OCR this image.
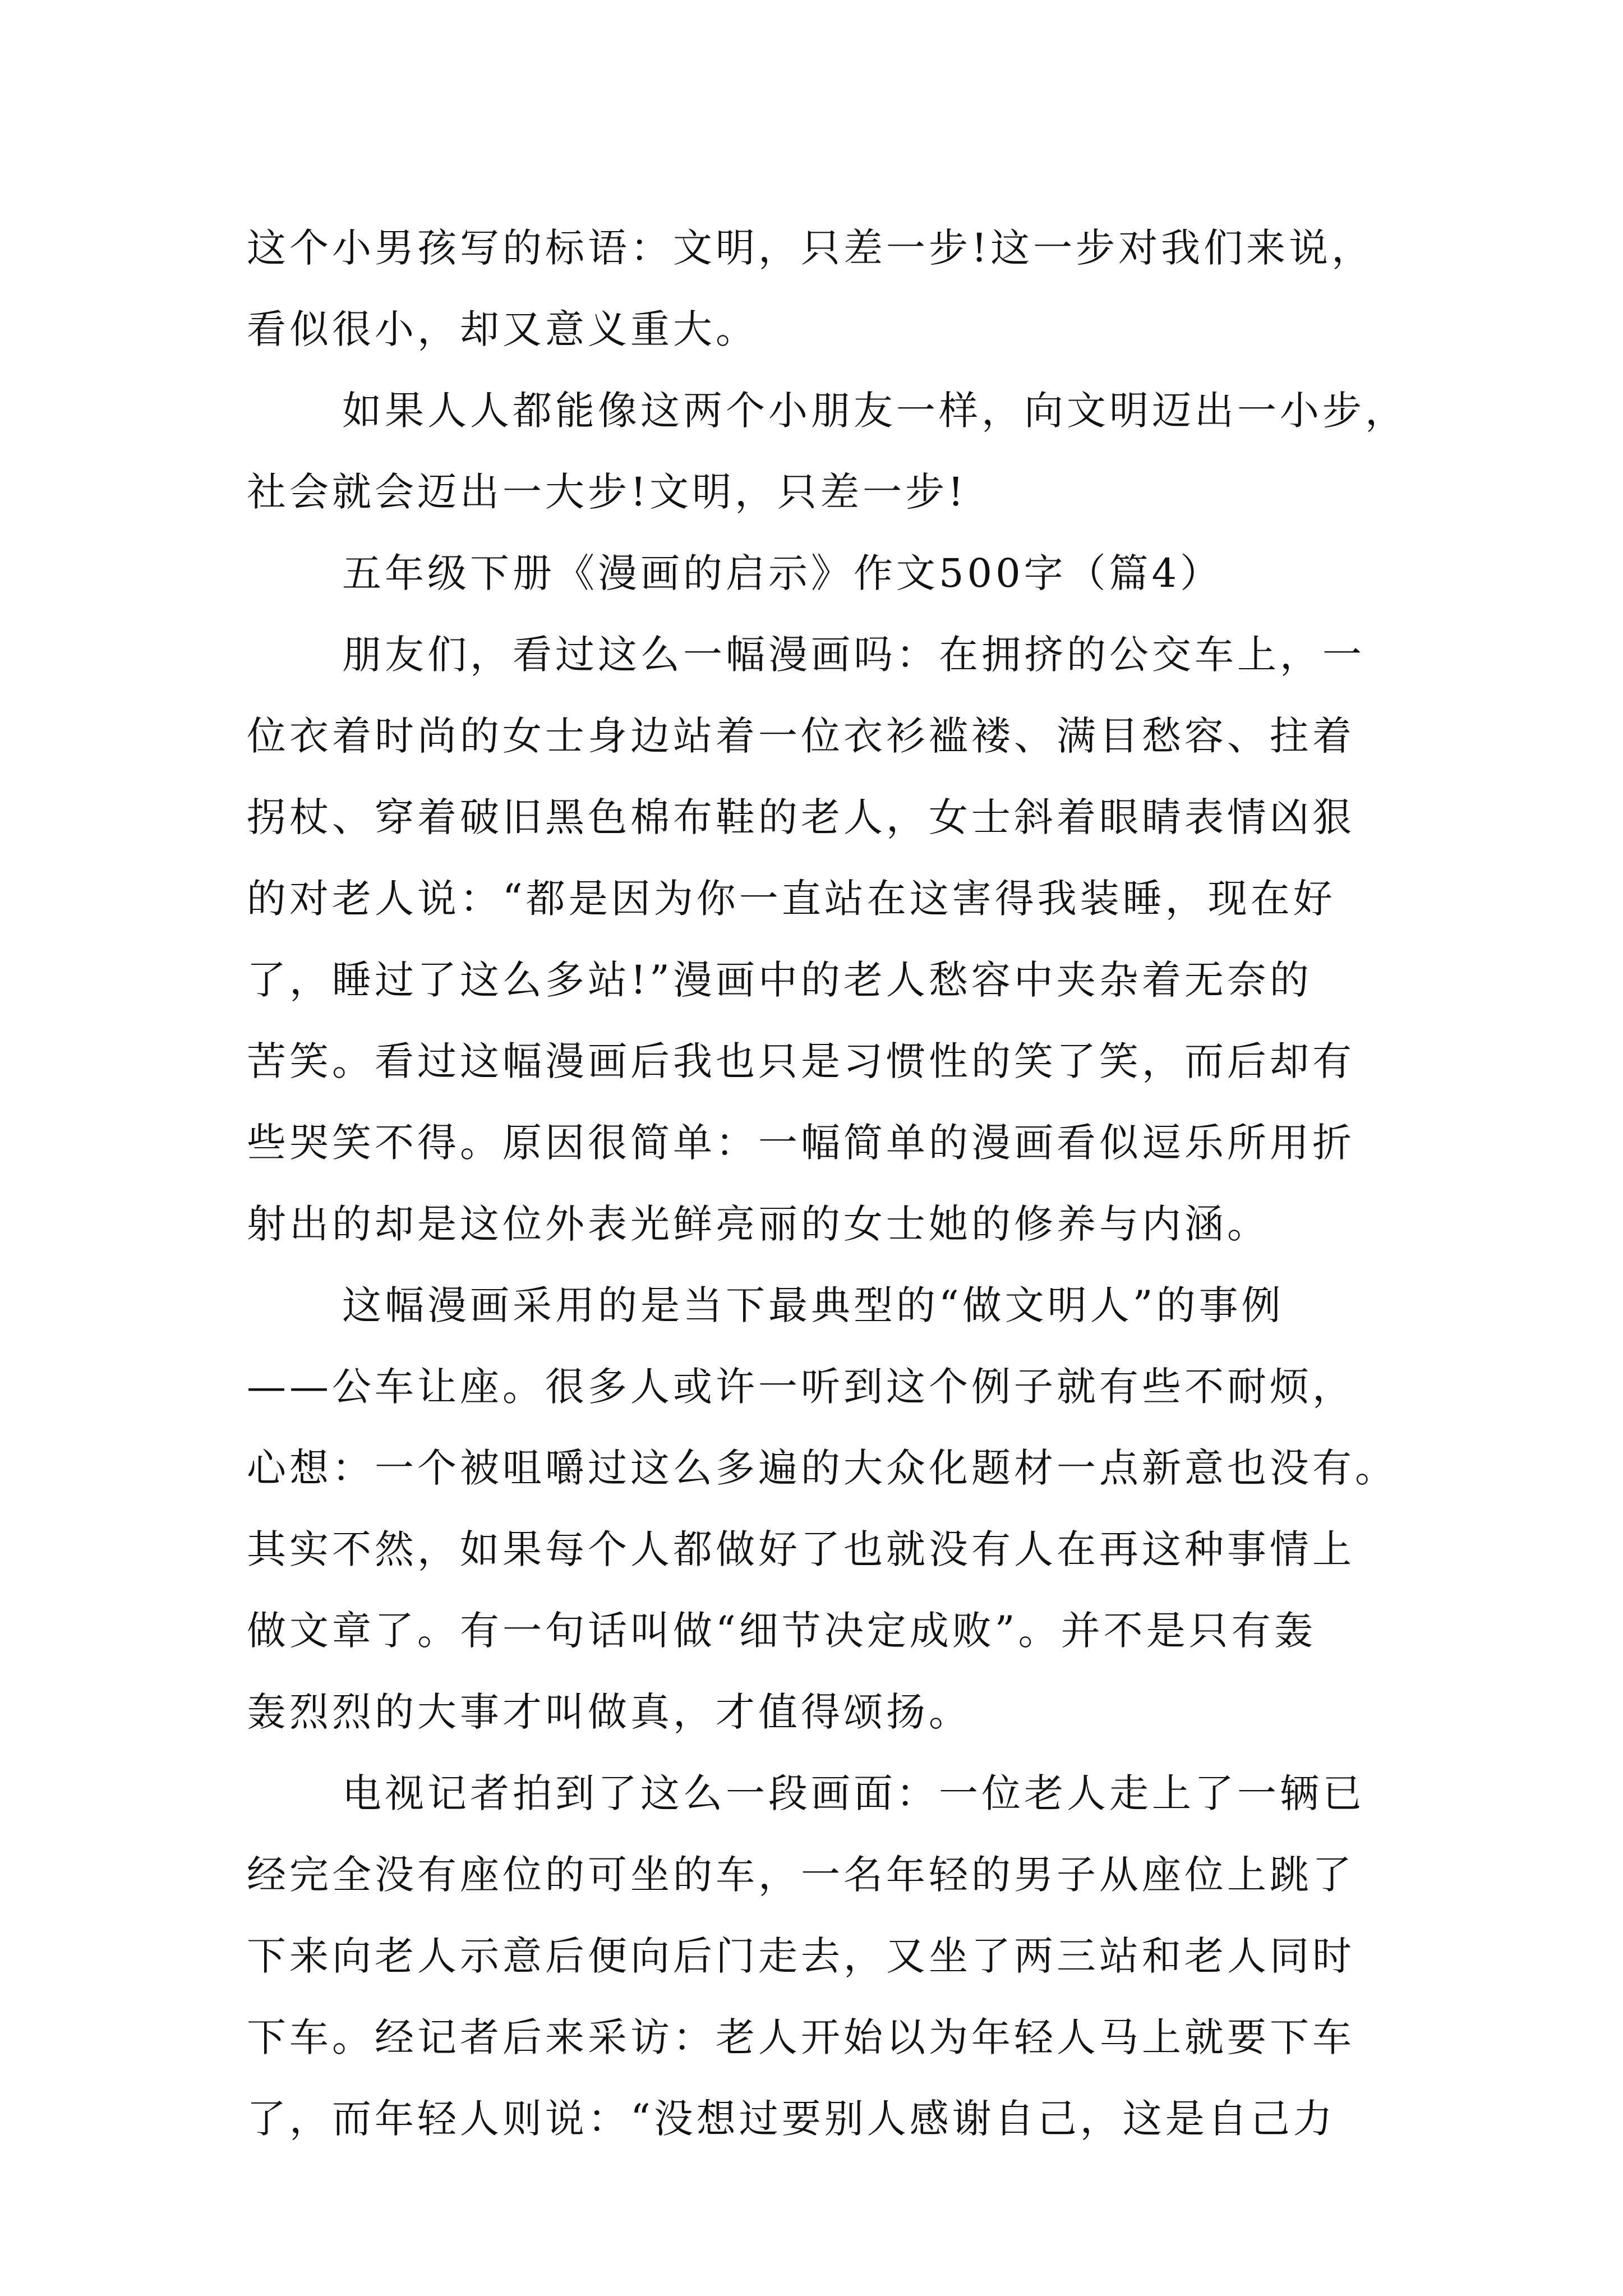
这个小男孩写的标语：文明，只差一步!这一步对我们来说，
看似很小，却又意义重大。
如果人人都能像这两个小朋友一样，向文明迈出一小步，
社会就会迈出一大步!文明，只差一步!
五年级下册《漫画的启示》作文500字（篇4）
朋友们，看过这么一幅漫画吗：在拥挤的公交车上，一
位衣着时尚的女士身边站着一位衣衫褴褛、满目愁容、拄着
拐杖、穿着破旧黑色棉布鞋的老人，女士斜着眼睛表情凶狠
的对老人说：“都是因为你一直站在这害得我装睡，现在好
了，睡过了这么多站!”漫画中的老人愁容中夹杂着无奈的
苦笑。看过这幅漫画后我也只是习惯性的笑了笑，而后却有
些哭笑不得。原因很简单：一幅简单的漫画看似逗乐所用折
射出的却是这位外表光鲜亮丽的女士她的修养与内涵。
这幅漫画采用的是当下最典型的“做文明人”的事例
——公车让座。很多人或许一听到这个例子就有些不耐烦，
心想：一个被咀嚼过这么多遍的大众化题材一点新意也没有。
其实不然，如果每个人都做好了也就没有人在再这种事情上
做文章了。有一句话叫做“细节决定成败”。并不是只有轰
轰烈烈的大事才叫做真，才值得颂扬。
电视记者拍到了这么一段画面：一位老人走上了一辆已
经完全没有座位的可坐的车，一名年轻的男子从座位上跳了
下来向老人示意后便向后门走去，又坐了两三站和老人同时
下车。经记者后来采访：老人开始以为年轻人马上就要下车
了，而年轻人则说：“没想过要别人感谢自己，这是自己力
